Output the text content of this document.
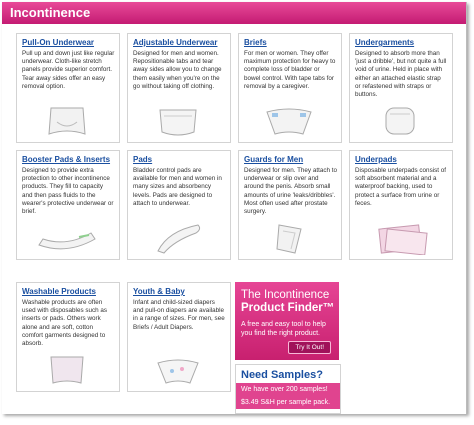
Incontinence
Pull-On Underwear
Pull up and down just like regular underwear. Cloth-like stretch panels provide superior comfort. Tear away sides offer an easy removal option.
Adjustable Underwear
Designed for men and women. Repositionable tabs and tear away sides allow you to change them easily when you're on the go without taking off clothing.
Briefs
For men or women. They offer maximum protection for heavy to complete loss of bladder or bowel control. With tape tabs for removal by a caregiver.
Undergarments
Designed to absorb more than 'just a dribble', but not quite a full void of urine. Held in place with either an attached elastic strap or refastened with straps or buttons.
Booster Pads & Inserts
Designed to provide extra protection to other incontinence products. They fill to capacity and then pass fluids to the wearer's protective underwear or brief.
Pads
Bladder control pads are available for men and women in many sizes and absorbency levels. Pads are designed to attach to underwear.
Guards for Men
Designed for men. They attach to underwear or slip over and around the penis. Absorb small amounts of urine 'leaks/dribbles'. Most often used after prostate surgery.
Underpads
Disposable underpads consist of soft absorbent material and a waterproof backing, used to protect a surface from urine or feces.
Washable Products
Washable products are often used with disposables such as inserts or pads. Others work alone and are soft, cotton comfort garments designed to absorb.
Youth & Baby
Infant and child-sized diapers and pull-on diapers are available in a range of sizes. For men, see Briefs / Adult Diapers.
The Incontinence
Product Finder™
A free and easy tool to help you find the right product.
Try It Out!
Need Samples?
We have over 200 samples!
$3.49 S&H per sample pack.
